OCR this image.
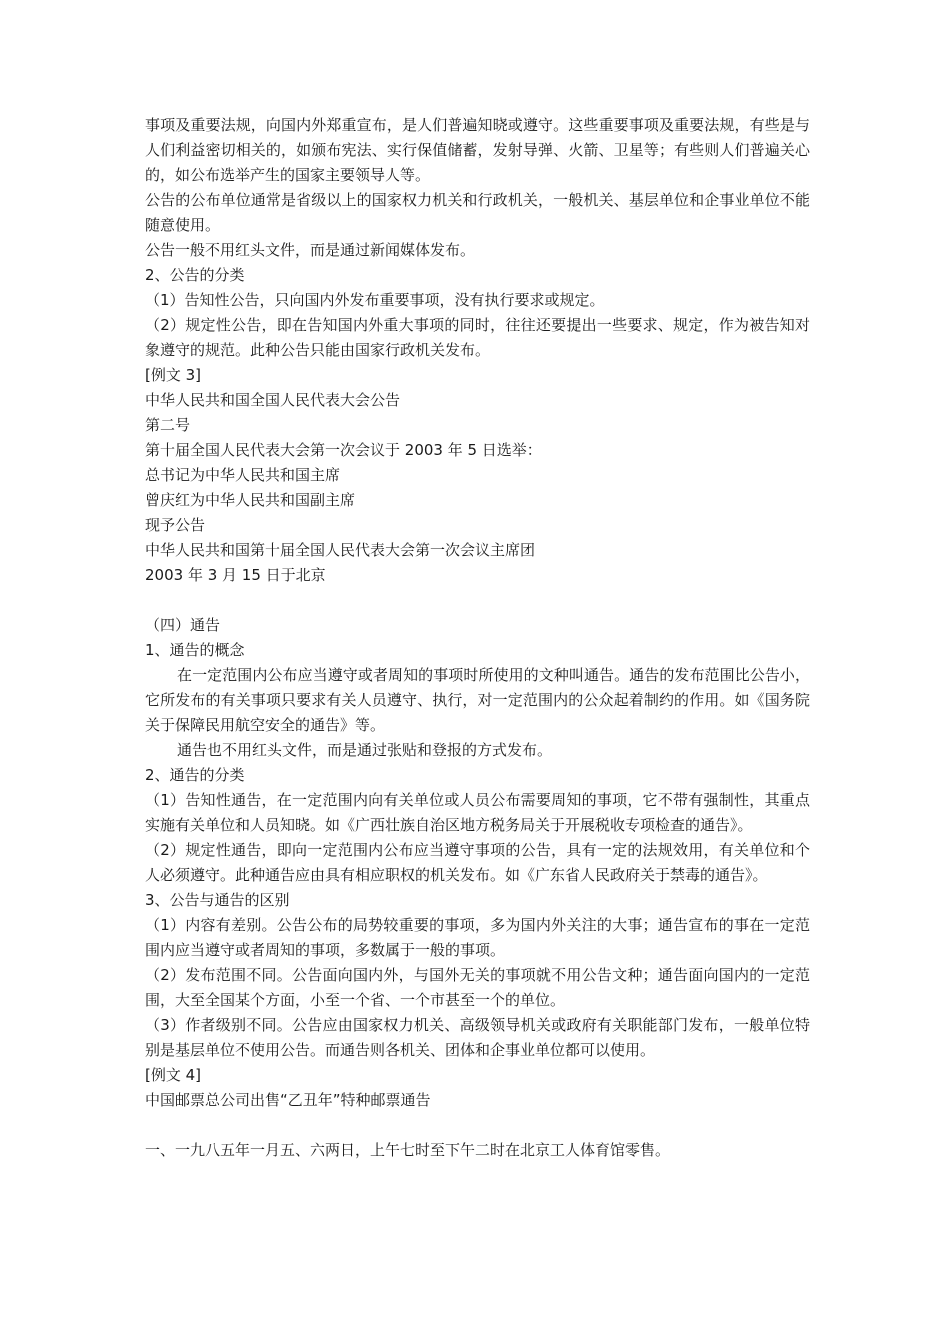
事项及重要法规，向国内外郑重宣布，是人们普遍知晓或遵守。这些重要事项及重要法规，有些是与人们利益密切相关的，如颁布宪法、实行保值储蓄，发射导弹、火箭、卫星等；有些则人们普遍关心的，如公布选举产生的国家主要领导人等。

公告的公布单位通常是省级以上的国家权力机关和行政机关，一般机关、基层单位和企事业单位不能随意使用。

公告一般不用红头文件，而是通过新闻媒体发布。

2、公告的分类

（1）告知性公告，只向国内外发布重要事项，没有执行要求或规定。

（2）规定性公告，即在告知国内外重大事项的同时，往往还要提出一些要求、规定，作为被告知对象遵守的规范。此种公告只能由国家行政机关发布。

[例文 3]

中华人民共和国全国人民代表大会公告

第二号

第十届全国人民代表大会第一次会议于 2003 年 5 日选举：

总书记为中华人民共和国主席

曾庆红为中华人民共和国副主席

现予公告

中华人民共和国第十届全国人民代表大会第一次会议主席团

2003 年 3 月 15 日于北京

（四）通告

1、通告的概念

在一定范围内公布应当遵守或者周知的事项时所使用的文种叫通告。通告的发布范围比公告小，它所发布的有关事项只要求有关人员遵守、执行，对一定范围内的公众起着制约的作用。如《国务院关于保障民用航空安全的通告》等。

通告也不用红头文件，而是通过张贴和登报的方式发布。

2、通告的分类

（1）告知性通告，在一定范围内向有关单位或人员公布需要周知的事项，它不带有强制性，其重点实施有关单位和人员知晓。如《广西壮族自治区地方税务局关于开展税收专项检查的通告》。

（2）规定性通告，即向一定范围内公布应当遵守事项的公告，具有一定的法规效用，有关单位和个人必须遵守。此种通告应由具有相应职权的机关发布。如《广东省人民政府关于禁毒的通告》。

3、公告与通告的区别

（1）内容有差别。公告公布的局势较重要的事项，多为国内外关注的大事；通告宣布的事在一定范围内应当遵守或者周知的事项，多数属于一般的事项。

（2）发布范围不同。公告面向国内外，与国外无关的事项就不用公告文种；通告面向国内的一定范围，大至全国某个方面，小至一个省、一个市甚至一个的单位。

（3）作者级别不同。公告应由国家权力机关、高级领导机关或政府有关职能部门发布，一般单位特别是基层单位不使用公告。而通告则各机关、团体和企事业单位都可以使用。

[例文 4]

中国邮票总公司出售“乙丑年”特种邮票通告

一、一九八五年一月五、六两日，上午七时至下午二时在北京工人体育馆零售。
